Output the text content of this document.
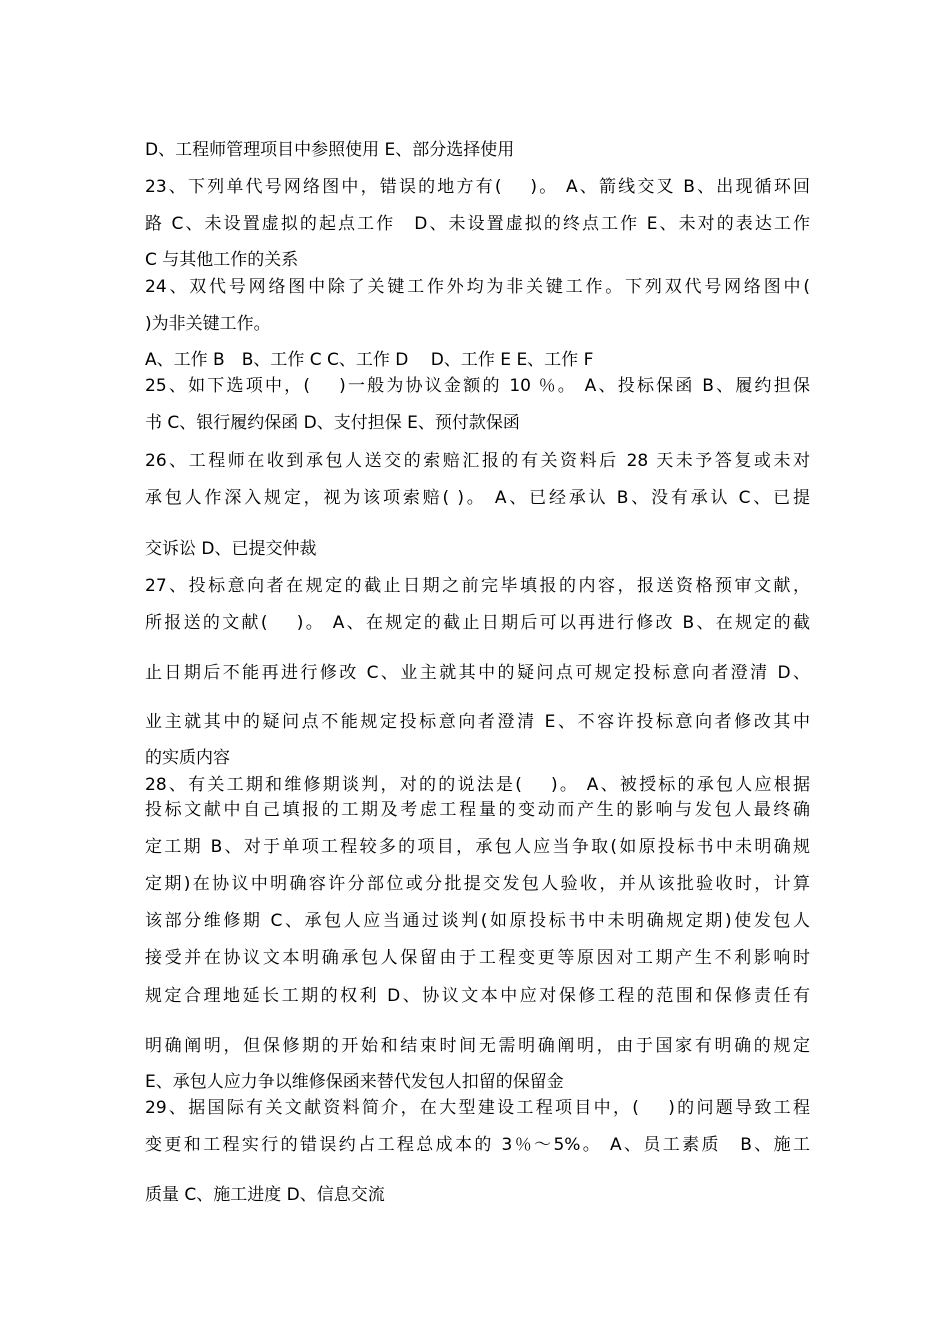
D、工程师管理项目中参照使用 E、部分选择使用
23、下列单代号网络图中，错误的地方有(　 )。 A、箭线交叉 B、出现循环回
路 C、未设置虚拟的起点工作　D、未设置虚拟的终点工作 E、未对的表达工作
C 与其他工作的关系
24、双代号网络图中除了关键工作外均为非关键工作。下列双代号网络图中(
)为非关键工作。
A、工作 B　B、工作 C C、工作 D　 D、工作 E E、工作 F
25、如下选项中，(　 )一般为协议金额的 10 ％。 A、投标保函 B、履约担保
书 C、银行履约保函 D、支付担保 E、预付款保函
26、工程师在收到承包人送交的索赔汇报的有关资料后 28 天未予答复或未对
承包人作深入规定，视为该项索赔( )。 A、已经承认 B、没有承认 C、已提
交诉讼 D、已提交仲裁
27、投标意向者在规定的截止日期之前完毕填报的内容，报送资格预审文献，
所报送的文献(　 )。 A、在规定的截止日期后可以再进行修改 B、在规定的截
止日期后不能再进行修改 C、业主就其中的疑问点可规定投标意向者澄清 D、
业主就其中的疑问点不能规定投标意向者澄清 E、不容许投标意向者修改其中
的实质内容
28、有关工期和维修期谈判，对的的说法是(　 )。 A、被授标的承包人应根据
投标文献中自己填报的工期及考虑工程量的变动而产生的影响与发包人最终确
定工期 B、对于单项工程较多的项目，承包人应当争取(如原投标书中未明确规
定期)在协议中明确容许分部位或分批提交发包人验收，并从该批验收时，计算
该部分维修期 C、承包人应当通过谈判(如原投标书中未明确规定期)使发包人
接受并在协议文本明确承包人保留由于工程变更等原因对工期产生不利影响时
规定合理地延长工期的权利 D、协议文本中应对保修工程的范围和保修责任有
明确阐明，但保修期的开始和结束时间无需明确阐明，由于国家有明确的规定
E、承包人应力争以维修保函来替代发包人扣留的保留金
29、据国际有关文献资料简介，在大型建设工程项目中，(　 )的问题导致工程
变更和工程实行的错误约占工程总成本的 3％～5%。 A、员工素质　B、施工
质量 C、施工进度 D、信息交流
